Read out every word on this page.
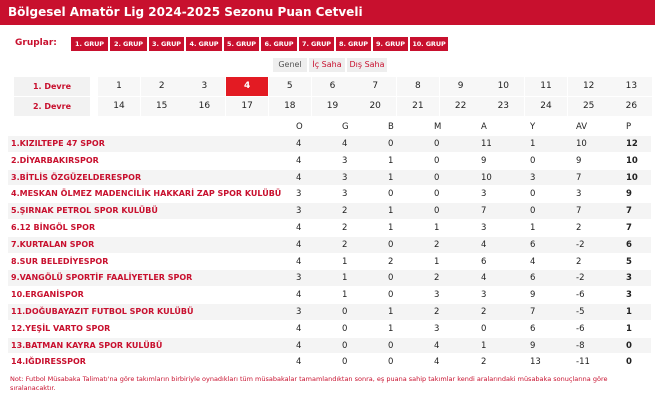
Bölgesel Amatör Lig 2024-2025 Sezonu Puan Cetveli
Gruplar:	1. GRUP	2. GRUP	3. GRUP	4. GRUP	5. GRUP	6. GRUP	7. GRUP	8. GRUP	9. GRUP	10. GRUP
Genel	İç Saha Dış Saha
1. Devre	1	2	3	4	5	6	7	8	9	10	11	12	13
2. Devre	14	15	16	17	18	19	20	21	22	23	24	25	26
O	G	B	M	A	Y	AV	P
1.KIZILTEPE 47 SPOR	4	4	0	0	11	1	10	12
2.DİYARBAKIRSPOR	4	3	1	0	9	0	9	10
3.BİTLİS ÖZGÜZELDERESPOR	4	3	1	0	10	3	7	10
4.MESKAN ÖLMEZ MADENCİLİK HAKKARİ ZAP SPOR KULÜBÜ 3	3	0	0	3	0	3	9
5.ŞIRNAK PETROL SPOR KULÜBÜ	3	2	1	0	7	0	7	7
6.12 BİNGÖL SPOR	4	2	1	1	3	1	2	7
7.KURTALAN SPOR	4	2	0	2	4	6	-2	6
8.SUR BELEDİYESPOR	4	1	2	1	6	4	2	5
9.VANGÖLÜ SPORTİF FAALİYETLER SPOR	3	1	0	2	4	6	-2	3
10.ERGANİSPOR	4	1	0	3	3	9	-6	3
11.DOĞUBAYAZIT FUTBOL SPOR KULÜBÜ	3	0	1	2	2	7	-5	1
12.YEŞİL VARTO SPOR	4	0	1	3	0	6	-6	1
13.BATMAN KAYRA SPOR KULÜBÜ	4	0	0	4	1	9	-8	0
14.IĞDIRESSPOR	4	0	0	4	2	13	-11	0
Not: Futbol Müsabaka Talimatı'na göre takımların birbiriyle oynadıkları tüm müsabakalar tamamlandıktan sonra, eş puana sahip takımlar kendi aralarındaki müsabaka sonuçlarına göre sıralanacaktır.
